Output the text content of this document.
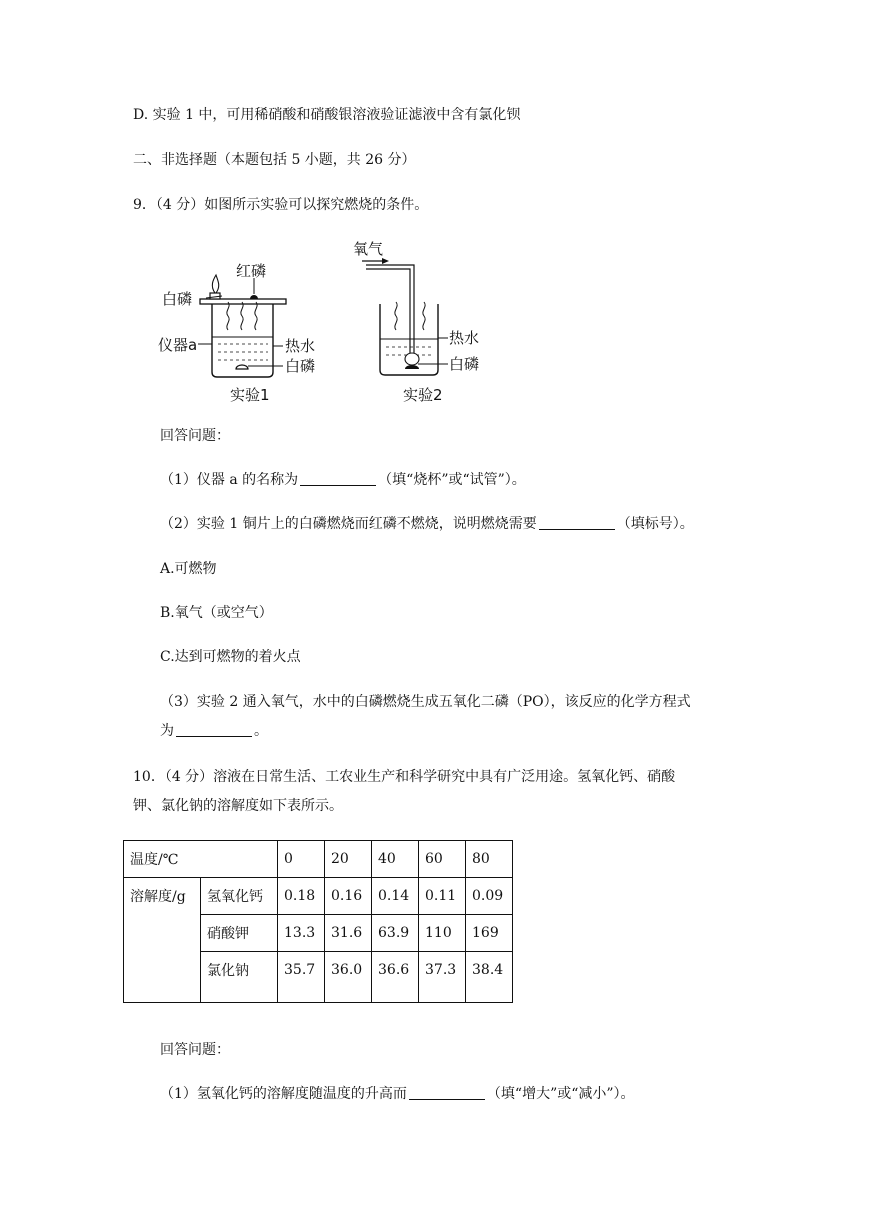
D. 实验 1 中，可用稀硝酸和硝酸银溶液验证滤液中含有氯化钡
二、非选择题（本题包括 5 小题，共 26 分）
9．（4 分）如图所示实验可以探究燃烧的条件。
红磷
白磷
仪器a	热水
白磷
实验1
氧气
热水
白磷
实验2
回答问题：
（1）仪器 a 的名称为	（填“烧杯”或“试管”）。
（2）实验 1 铜片上的白磷燃烧而红磷不燃烧，说明燃烧需要	（填标号）。
A.可燃物
B.氧气（或空气）
C.达到可燃物的着火点
（3）实验 2 通入氧气，水中的白磷燃烧生成五氧化二磷（PO），该反应的化学方程式
为	。
10．（4 分）溶液在日常生活、工农业生产和科学研究中具有广泛用途。氢氧化钙、硝酸
钾、氯化钠的溶解度如下表所示。
温度/℃		0	20	40	60	80
溶解度/g	氢氧化钙	0.18	0.16	0.14	0.11	0.09
	硝酸钾	13.3	31.6	63.9	110	169
	氯化钠	35.7	36.0	36.6	37.3	38.4
回答问题：
（1）氢氧化钙的溶解度随温度的升高而	（填“增大”或“减小”）。
